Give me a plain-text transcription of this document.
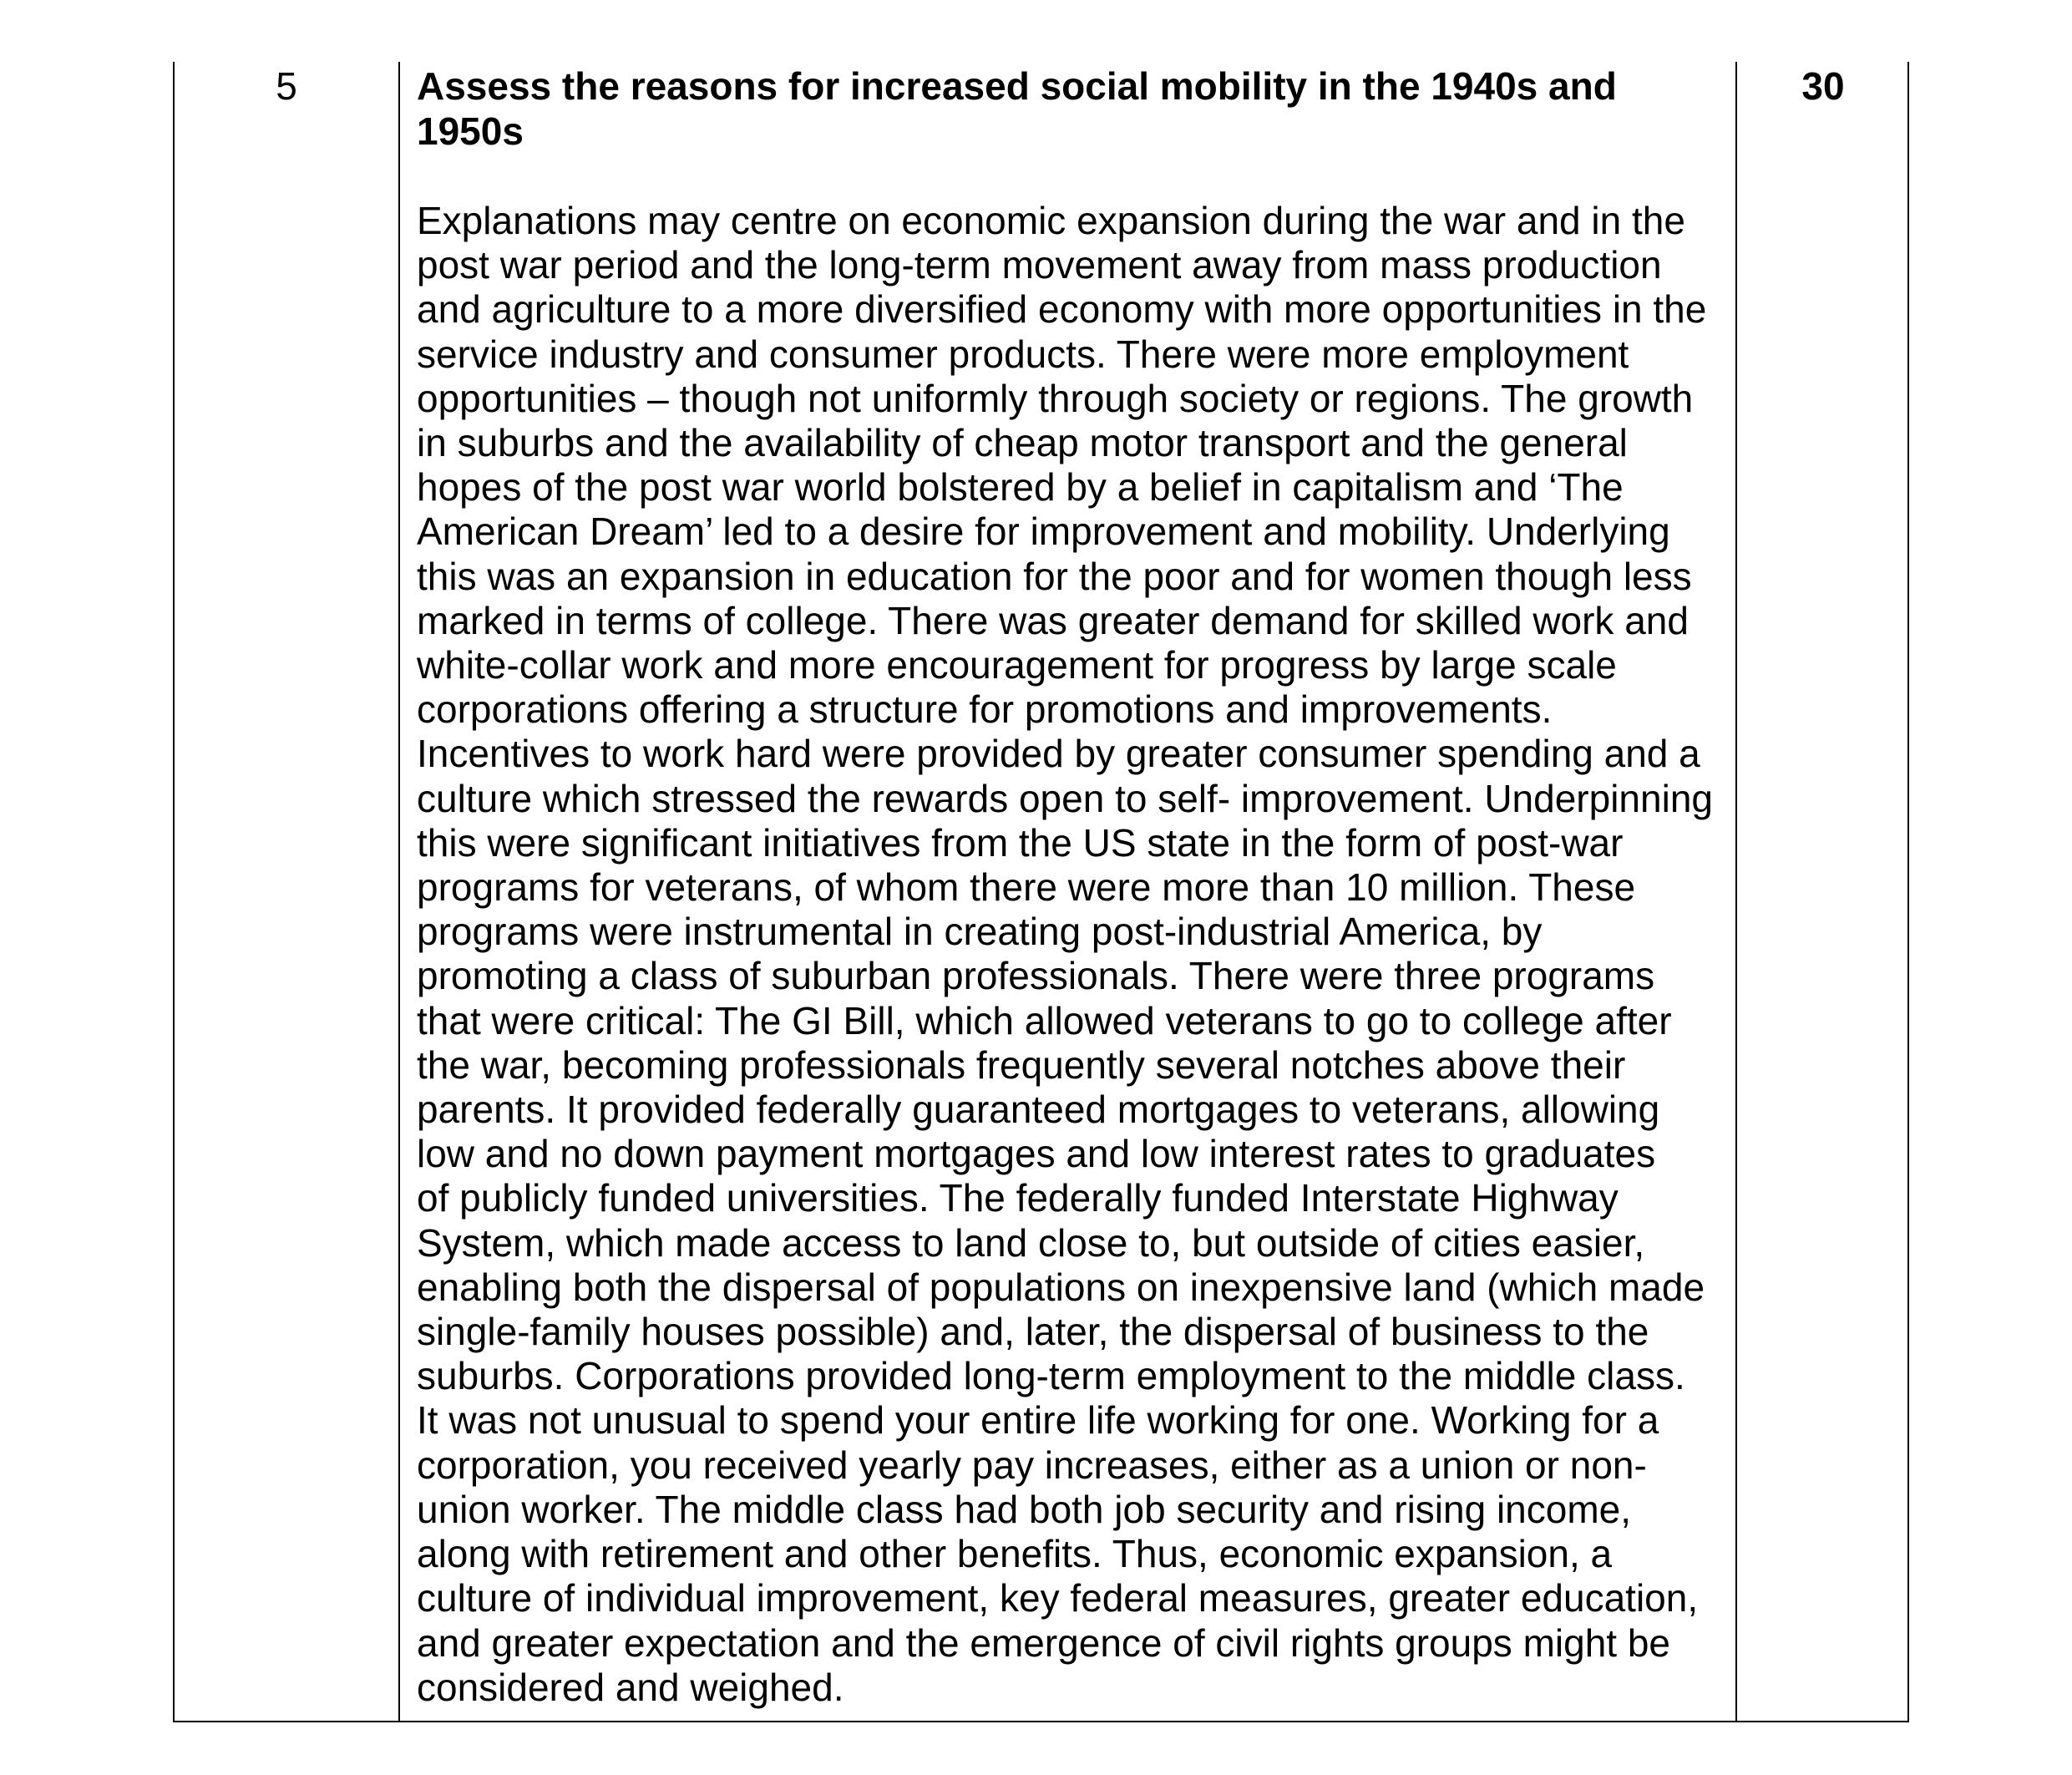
5	Assess the reasons for increased social mobility in the 1940s and
1950s

Explanations may centre on economic expansion during the war and in the
post war period and the long-term movement away from mass production
and agriculture to a more diversified economy with more opportunities in the
service industry and consumer products. There were more employment
opportunities – though not uniformly through society or regions. The growth
in suburbs and the availability of cheap motor transport and the general
hopes of the post war world bolstered by a belief in capitalism and ‘The
American Dream’ led to a desire for improvement and mobility. Underlying
this was an expansion in education for the poor and for women though less
marked in terms of college. There was greater demand for skilled work and
white-collar work and more encouragement for progress by large scale
corporations offering a structure for promotions and improvements.
Incentives to work hard were provided by greater consumer spending and a
culture which stressed the rewards open to self- improvement. Underpinning
this were significant initiatives from the US state in the form of post-war
programs for veterans, of whom there were more than 10 million. These
programs were instrumental in creating post-industrial America, by
promoting a class of suburban professionals. There were three programs
that were critical: The GI Bill, which allowed veterans to go to college after
the war, becoming professionals frequently several notches above their
parents. It provided federally guaranteed mortgages to veterans, allowing
low and no down payment mortgages and low interest rates to graduates
of publicly funded universities. The federally funded Interstate Highway
System, which made access to land close to, but outside of cities easier,
enabling both the dispersal of populations on inexpensive land (which made
single-family houses possible) and, later, the dispersal of business to the
suburbs. Corporations provided long-term employment to the middle class.
It was not unusual to spend your entire life working for one. Working for a
corporation, you received yearly pay increases, either as a union or non-
union worker. The middle class had both job security and rising income,
along with retirement and other benefits. Thus, economic expansion, a
culture of individual improvement, key federal measures, greater education,
and greater expectation and the emergence of civil rights groups might be
considered and weighed.

30
